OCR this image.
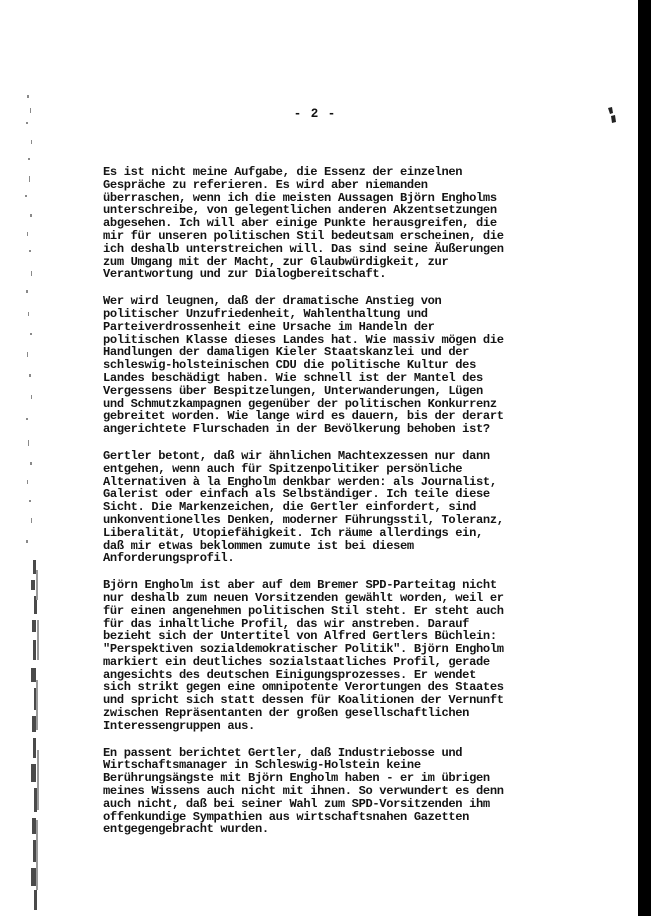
- 2 -
Es ist nicht meine Aufgabe, die Essenz der einzelnen
Gespräche zu referieren. Es wird aber niemanden
überraschen, wenn ich die meisten Aussagen Björn Engholms
unterschreibe, von gelegentlichen anderen Akzentsetzungen
abgesehen. Ich will aber einige Punkte herausgreifen, die
mir für unseren politischen Stil bedeutsam erscheinen, die
ich deshalb unterstreichen will. Das sind seine Äußerungen
zum Umgang mit der Macht, zur Glaubwürdigkeit, zur
Verantwortung und zur Dialogbereitschaft.
Wer wird leugnen, daß der dramatische Anstieg von
politischer Unzufriedenheit, Wahlenthaltung und
Parteiverdrossenheit eine Ursache im Handeln der
politischen Klasse dieses Landes hat. Wie massiv mögen die
Handlungen der damaligen Kieler Staatskanzlei und der
schleswig-holsteinischen CDU die politische Kultur des
Landes beschädigt haben. Wie schnell ist der Mantel des
Vergessens über Bespitzelungen, Unterwanderungen, Lügen
und Schmutzkampagnen gegenüber der politischen Konkurrenz
gebreitet worden. Wie lange wird es dauern, bis der derart
angerichtete Flurschaden in der Bevölkerung behoben ist?
Gertler betont, daß wir ähnlichen Machtexzessen nur dann
entgehen, wenn auch für Spitzenpolitiker persönliche
Alternativen à la Engholm denkbar werden: als Journalist,
Galerist oder einfach als Selbständiger. Ich teile diese
Sicht. Die Markenzeichen, die Gertler einfordert, sind
unkonventionelles Denken, moderner Führungsstil, Toleranz,
Liberalität, Utopiefähigkeit. Ich räume allerdings ein,
daß mir etwas beklommen zumute ist bei diesem
Anforderungsprofil.
Björn Engholm ist aber auf dem Bremer SPD-Parteitag nicht
nur deshalb zum neuen Vorsitzenden gewählt worden, weil er
für einen angenehmen politischen Stil steht. Er steht auch
für das inhaltliche Profil, das wir anstreben. Darauf
bezieht sich der Untertitel von Alfred Gertlers Büchlein:
"Perspektiven sozialdemokratischer Politik". Björn Engholm
markiert ein deutliches sozialstaatliches Profil, gerade
angesichts des deutschen Einigungsprozesses. Er wendet
sich strikt gegen eine omnipotente Verortungen des Staates
und spricht sich statt dessen für Koalitionen der Vernunft
zwischen Repräsentanten der großen gesellschaftlichen
Interessengruppen aus.
En passent berichtet Gertler, daß Industriebosse und
Wirtschaftsmanager in Schleswig-Holstein keine
Berührungsängste mit Björn Engholm haben - er im übrigen
meines Wissens auch nicht mit ihnen. So verwundert es denn
auch nicht, daß bei seiner Wahl zum SPD-Vorsitzenden ihm
offenkundige Sympathien aus wirtschaftsnahen Gazetten
entgegengebracht wurden.
